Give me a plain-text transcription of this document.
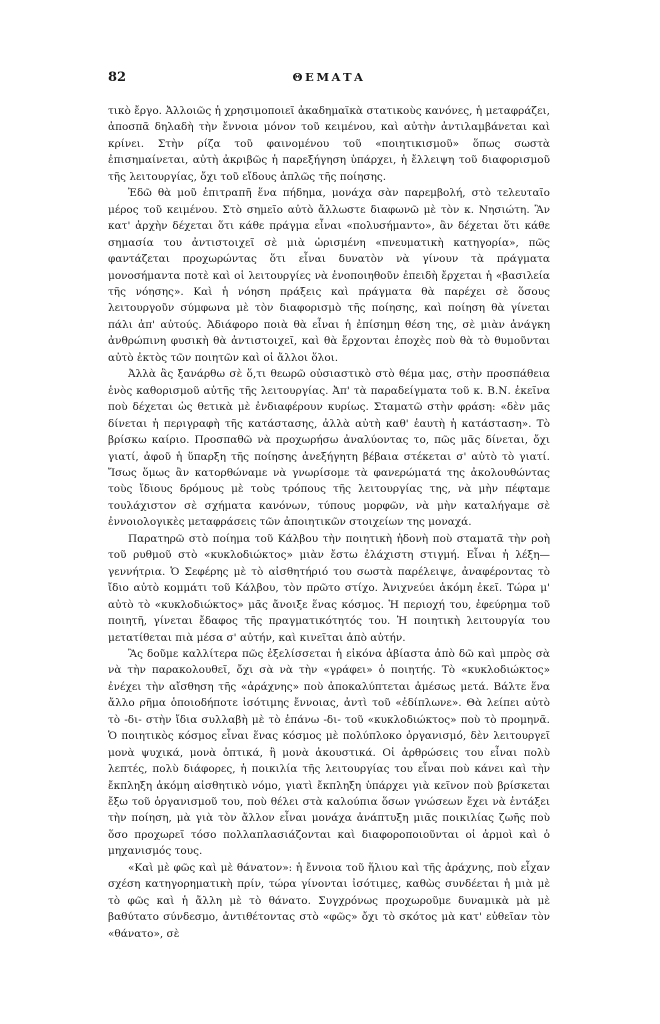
82	ΘΕΜΑΤΑ

τικὸ ἔργο. Ἀλλοιῶς ἡ χρησιμοποιεῖ ἀκαδημαϊκὰ στατικοὺς κανόνες, ἡ μεταφράζει, ἀποσπᾶ δηλαδὴ τὴν ἔννοια μόνον τοῦ κειμένου, καὶ αὐτὴν ἀντιλαμβάνεται καὶ κρίνει. Στὴν ρίζα τοῦ φαινομένου τοῦ «ποιητικισμοῦ» ὅπως σωστὰ ἐπισημαίνεται, αὐτὴ ἀκριβῶς ἡ παρεξήγηση ὑπάρχει, ἡ ἔλλειψη τοῦ διαφορισμοῦ τῆς λειτουργίας, ὄχι τοῦ εἴδους ἁπλῶς τῆς ποίησης.

Ἐδῶ θὰ μοῦ ἐπιτραπῆ ἕνα πήδημα, μονάχα σὰν παρεμβολή, στὸ τελευταῖο μέρος τοῦ κειμένου. Στὸ σημεῖο αὐτὸ ἄλλωστε διαφωνῶ μὲ τὸν κ. Νησιώτη. Ἂν κατ' ἀρχὴν δέχεται ὅτι κάθε πράγμα εἶναι «πολυσήμαντο», ἂν δέχεται ὅτι κάθε σημασία του ἀντιστοιχεῖ σὲ μιὰ ὡρισμένη «πνευματικὴ κατηγορία», πῶς φαντάζεται προχωρώντας ὅτι εἶναι δυνατὸν νὰ γίνουν τὰ πράγματα μονοσήμαντα ποτὲ καὶ οἱ λειτουργίες νὰ ἑνοποιηθοῦν ἐπειδὴ ἔρχεται ἡ «βασιλεία τῆς νόησης». Καὶ ἡ νόηση πράξεις καὶ πράγματα θὰ παρέχει σὲ ὅσους λειτουργοῦν σύμφωνα μὲ τὸν διαφορισμὸ τῆς ποίησης, καὶ ποίηση θὰ γίνεται πάλι ἀπ' αὐτούς. Ἀδιάφορο ποιὰ θὰ εἶναι ἡ ἐπίσημη θέση της, σὲ μιὰν ἀνάγκη ἀνθρώπινη φυσικὴ θὰ ἀντιστοιχεῖ, καὶ θὰ ἔρχονται ἐποχὲς ποὺ θὰ τὸ θυμοῦνται αὐτὸ ἐκτὸς τῶν ποιητῶν καὶ οἱ ἄλλοι ὅλοι.

Ἀλλὰ ἂς ξανάρθω σὲ ὅ,τι θεωρῶ οὐσιαστικὸ στὸ θέμα μας, στὴν προσπάθεια ἑνὸς καθορισμοῦ αὐτῆς τῆς λειτουργίας. Ἀπ' τὰ παραδείγματα τοῦ κ. Β.Ν. ἐκεῖνα ποὺ δέχεται ὡς θετικὰ μὲ ἐνδιαφέρουν κυρίως. Σταματῶ στὴν φράση: «δὲν μᾶς δίνεται ἡ περιγραφὴ τῆς κατάστασης, ἀλλὰ αὐτὴ καθ' ἑαυτὴ ἡ κατάσταση». Τὸ βρίσκω καίριο. Προσπαθῶ νὰ προχωρήσω ἀναλύοντας το, πῶς μᾶς δίνεται, ὄχι γιατί, ἀφοῦ ἡ ὕπαρξη τῆς ποίησης ἀνεξήγητη βέβαια στέκεται σ' αὐτὸ τὸ γιατί. Ἴσως ὅμως ἂν κατορθώναμε νὰ γνωρίσομε τὰ φανερώματά της ἀκολουθώντας τοὺς ἴδιους δρόμους μὲ τοὺς τρόπους τῆς λειτουργίας της, νὰ μὴν πέφταμε τουλάχιστον σὲ σχήματα κανόνων, τύπους μορφῶν, νὰ μὴν καταλήγαμε σὲ ἐννοιολογικὲς μεταφράσεις τῶν ἀποιητικῶν στοιχείων της μοναχά.

Παρατηρῶ στὸ ποίημα τοῦ Κάλβου τὴν ποιητικὴ ἡδονὴ ποὺ σταματᾶ τὴν ροὴ τοῦ ρυθμοῦ στὸ «κυκλοδιώκτος» μιὰν ἔστω ἐλάχιστη στιγμή. Εἶναι ἡ λέξη—γεννήτρια. Ὁ Σεφέρης μὲ τὸ αἰσθητήριό του σωστὰ παρέλειψε, ἀναφέροντας τὸ ἴδιο αὐτὸ κομμάτι τοῦ Κάλβου, τὸν πρῶτο στίχο. Ἀνιχνεύει ἀκόμη ἐκεῖ. Τώρα μ' αὐτὸ τὸ «κυκλοδιώκτος» μᾶς ἄνοιξε ἕνας κόσμος. Ἡ περιοχή του, ἐφεύρημα τοῦ ποιητῆ, γίνεται ἔδαφος τῆς πραγματικότητός του. Ἡ ποιητικὴ λειτουργία του μετατίθεται πιὰ μέσα σ' αὐτήν, καὶ κινεῖται ἀπὸ αὐτήν.

Ἂς δοῦμε καλλίτερα πῶς ἐξελίσσεται ἡ εἰκόνα ἀβίαστα ἀπὸ δῶ καὶ μπρὸς σὰ νὰ τὴν παρακολουθεῖ, ὄχι σὰ νὰ τὴν «γράφει» ὁ ποιητής. Τὸ «κυκλοδιώκτος» ἐνέχει τὴν αἴσθηση τῆς «ἀράχνης» ποὺ ἀποκαλύπτεται ἀμέσως μετά. Βάλτε ἕνα ἄλλο ρῆμα ὁποιοδήποτε ἰσότιμης ἔννοιας, ἀντὶ τοῦ «ἐδίπλωνε». Θὰ λείπει αὐτὸ τὸ -δι- στὴν ἴδια συλλαβὴ μὲ τὸ ἐπάνω -δι- τοῦ «κυκλοδιώκτος» ποὺ τὸ προμηνᾶ. Ὁ ποιητικὸς κόσμος εἶναι ἕνας κόσμος μὲ πολύπλοκο ὀργανισμό, δὲν λειτουργεῖ μονὰ ψυχικά, μονὰ ὀπτικά, ἢ μονὰ ἀκουστικά. Οἱ ἀρθρώσεις του εἶναι πολὺ λεπτές, πολὺ διάφορες, ἡ ποικιλία τῆς λειτουργίας του εἶναι ποὺ κάνει καὶ τὴν ἔκπληξη ἀκόμη αἰσθητικὸ νόμο, γιατὶ ἔκπληξη ὑπάρχει γιὰ κεῖνον ποὺ βρίσκεται ἔξω τοῦ ὀργανισμοῦ του, ποὺ θέλει στὰ καλούπια ὅσων γνώσεων ἔχει νὰ ἐντάξει τὴν ποίηση, μὰ γιὰ τὸν ἄλλον εἶναι μονάχα ἀνάπτυξη μιᾶς ποικιλίας ζωῆς ποὺ ὅσο προχωρεῖ τόσο πολλαπλασιάζονται καὶ διαφοροποιοῦνται οἱ ἁρμοὶ καὶ ὁ μηχανισμός τους.

«Καὶ μὲ φῶς καὶ μὲ θάνατον»: ἡ ἔννοια τοῦ ἥλιου καὶ τῆς ἀράχνης, ποὺ εἶχαν σχέση κατηγορηματικὴ πρίν, τώρα γίνονται ἰσότιμες, καθὼς συνδέεται ἡ μιὰ μὲ τὸ φῶς καὶ ἡ ἄλλη μὲ τὸ θάνατο. Συγχρόνως προχωροῦμε δυναμικὰ μὰ μὲ βαθύτατο σύνδεσμο, ἀντιθέτοντας στὸ «φῶς» ὄχι τὸ σκότος μὰ κατ' εὐθεῖαν τὸν «θάνατο», σὲ
